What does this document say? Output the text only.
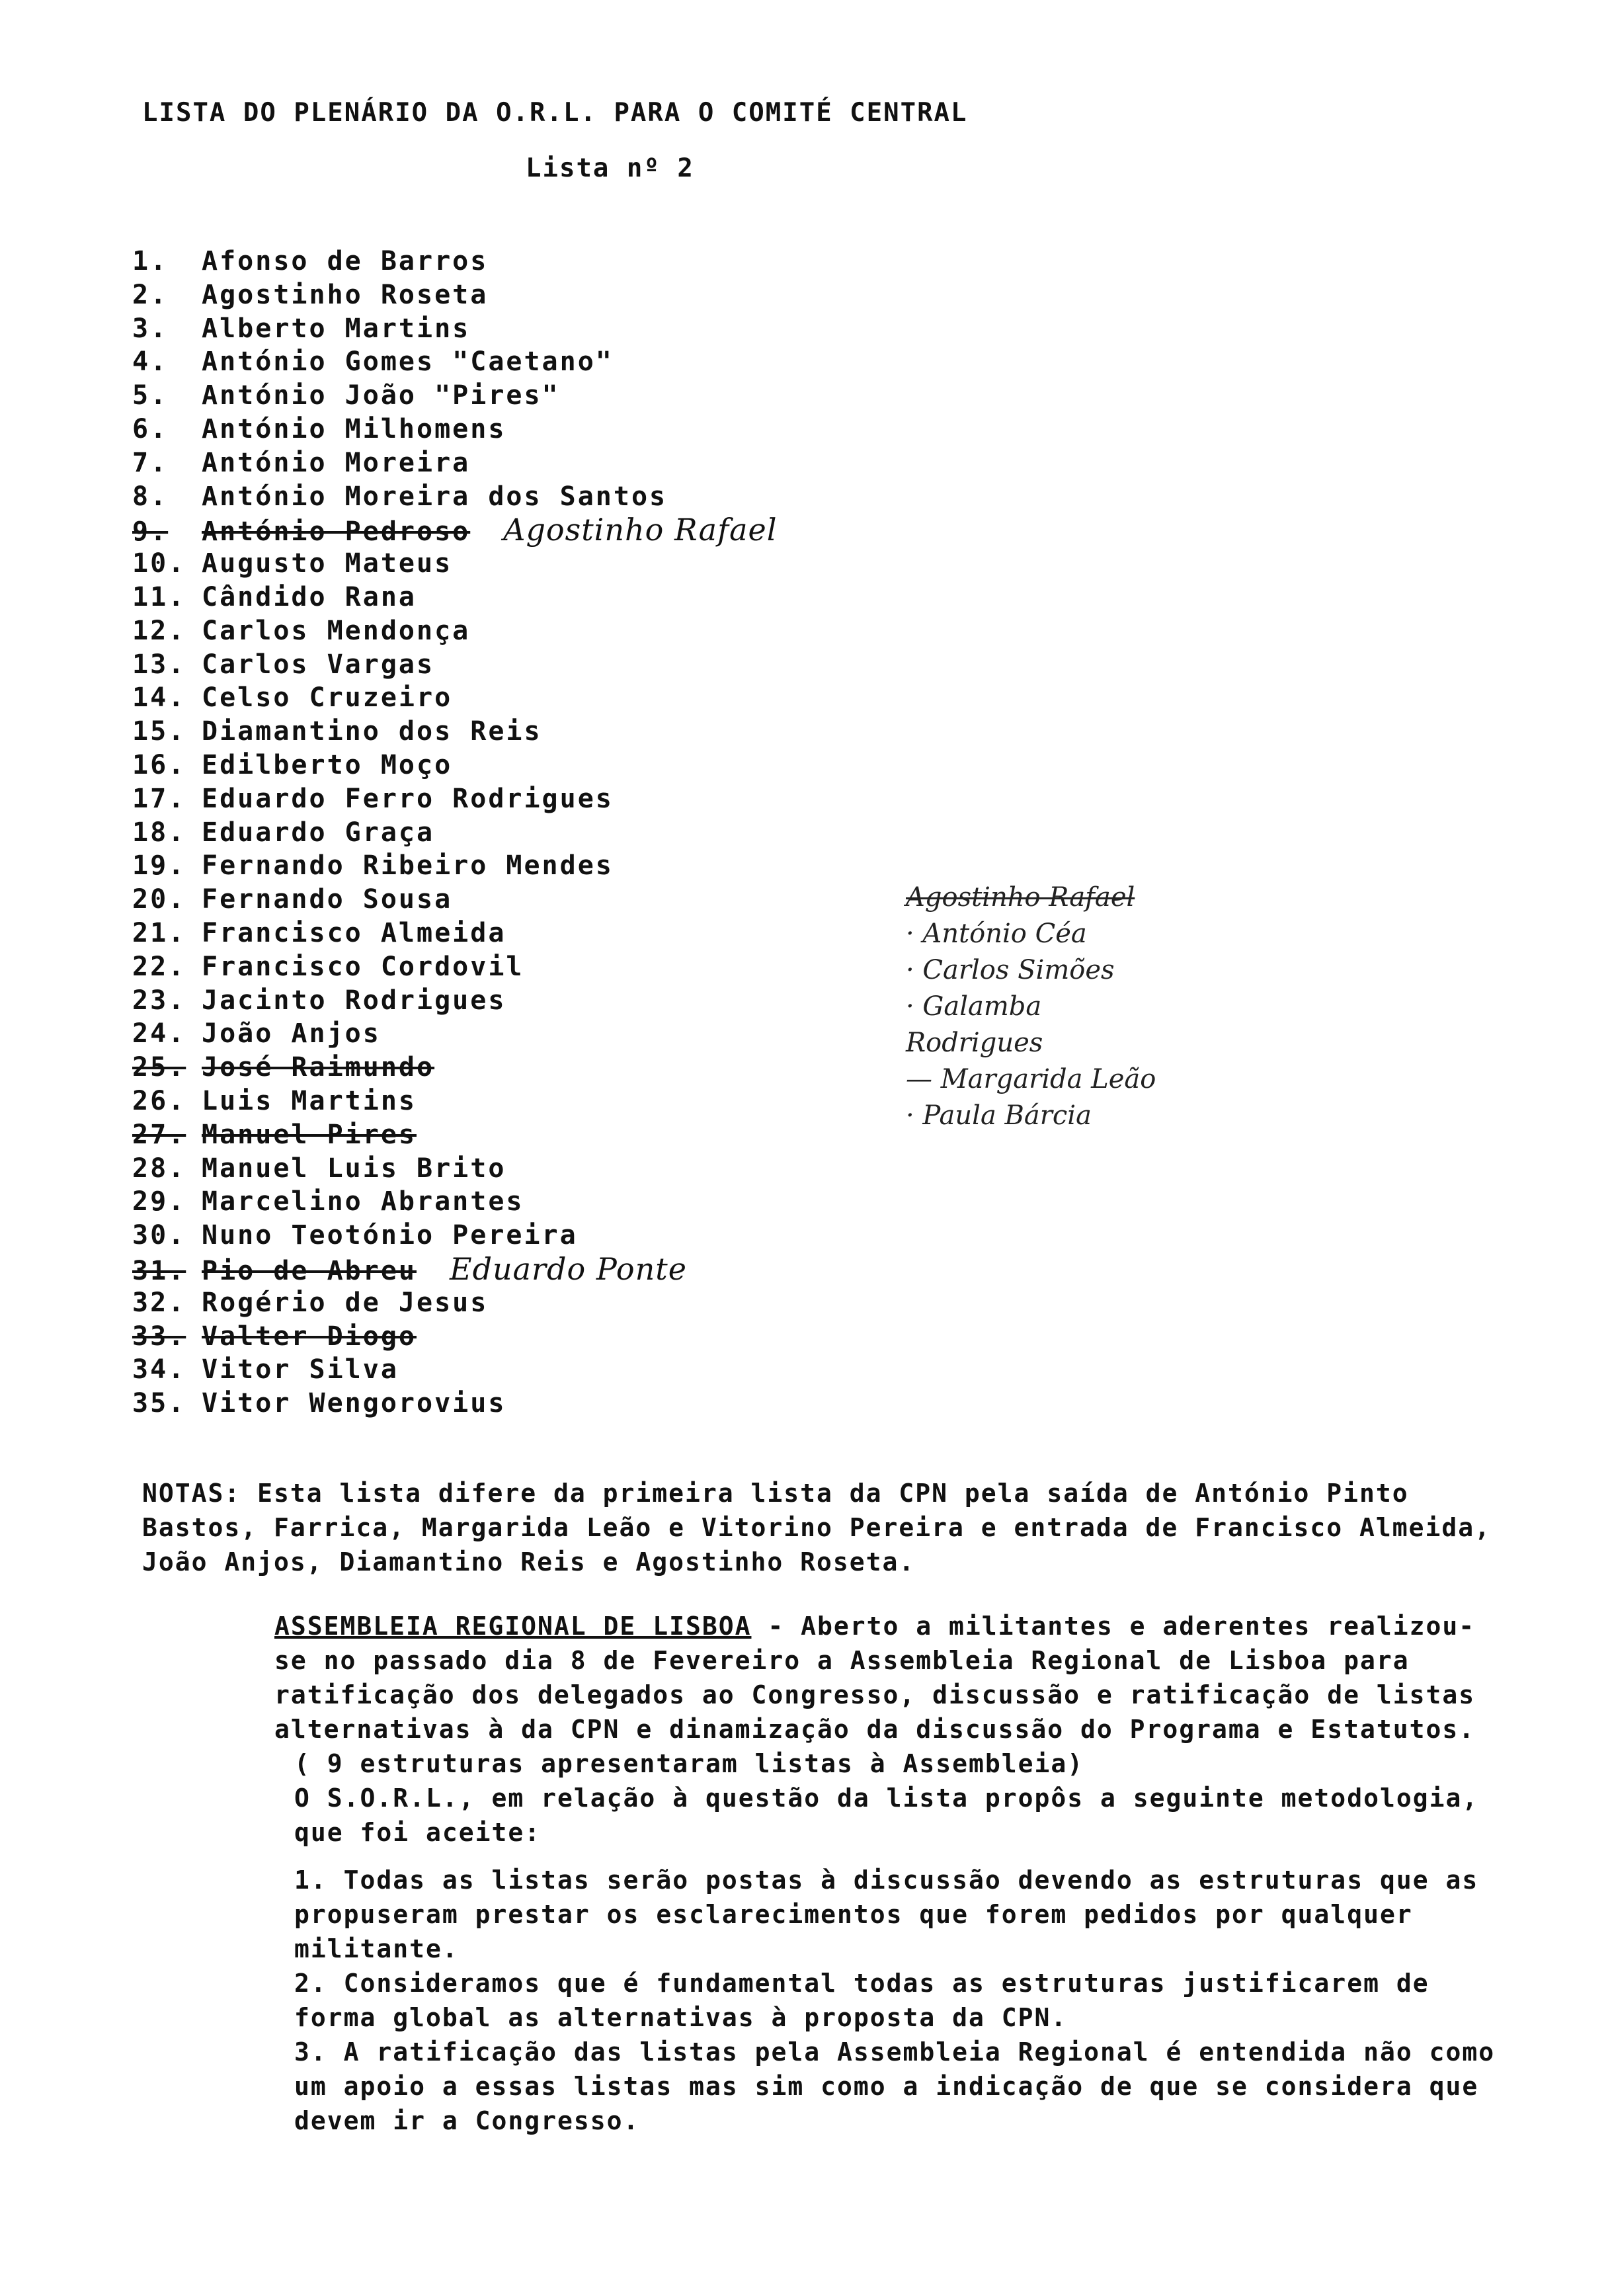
LISTA DO PLENÁRIO DA O.R.L. PARA O COMITÉ CENTRAL
Lista nº 2
1. Afonso de Barros
2. Agostinho Roseta
3. Alberto Martins
4. António Gomes "Caetano"
5. António João "Pires"
6. António Milhomens
7. António Moreira
8. António Moreira dos Santos
9. António Pedroso Agostinho Rafael
10. Augusto Mateus
11. Cândido Rana
12. Carlos Mendonça
13. Carlos Vargas
14. Celso Cruzeiro
15. Diamantino dos Reis
16. Edilberto Moço
17. Eduardo Ferro Rodrigues
18. Eduardo Graça
19. Fernando Ribeiro Mendes
20. Fernando Sousa
21. Francisco Almeida
22. Francisco Cordovil
23. Jacinto Rodrigues
24. João Anjos
25. José Raimundo
26. Luis Martins
27. Manuel Pires
28. Manuel Luis Brito
29. Marcelino Abrantes
30. Nuno Teotónio Pereira
31. Pio de Abreu Eduardo Ponte
32. Rogério de Jesus
33. Valter Diogo
34. Vitor Silva
35. Vitor Wengorovius
Agostinho Rafael
· António Céa
· Carlos Simões
· Galamba
Rodrigues
— Margarida Leão
· Paula Bárcia

NOTAS: Esta lista difere da primeira lista da CPN pela saída de António Pinto Bastos, Farrica, Margarida Leão e Vitorino Pereira e entrada de Francisco Almeida, João Anjos, Diamantino Reis e Agostinho Roseta.

ASSEMBLEIA REGIONAL DE LISBOA - Aberto a militantes e aderentes realizou-se no passado dia 8 de Fevereiro a Assembleia Regional de Lisboa para ratificação dos delegados ao Congresso, discussão e ratificação de listas alternativas à da CPN e dinamização da discussão do Programa e Estatutos.

( 9 estruturas apresentaram listas à Assembleia)

O S.O.R.L., em relação à questão da lista propôs a seguinte metodologia, que foi aceite:

1. Todas as listas serão postas à discussão devendo as estruturas que as propuseram prestar os esclarecimentos que forem pedidos por qualquer militante.

2. Consideramos que é fundamental todas as estruturas justificarem de forma global as alternativas à proposta da CPN.

3. A ratificação das listas pela Assembleia Regional é entendida não como um apoio a essas listas mas sim como a indicação de que se considera que devem ir a Congresso.
